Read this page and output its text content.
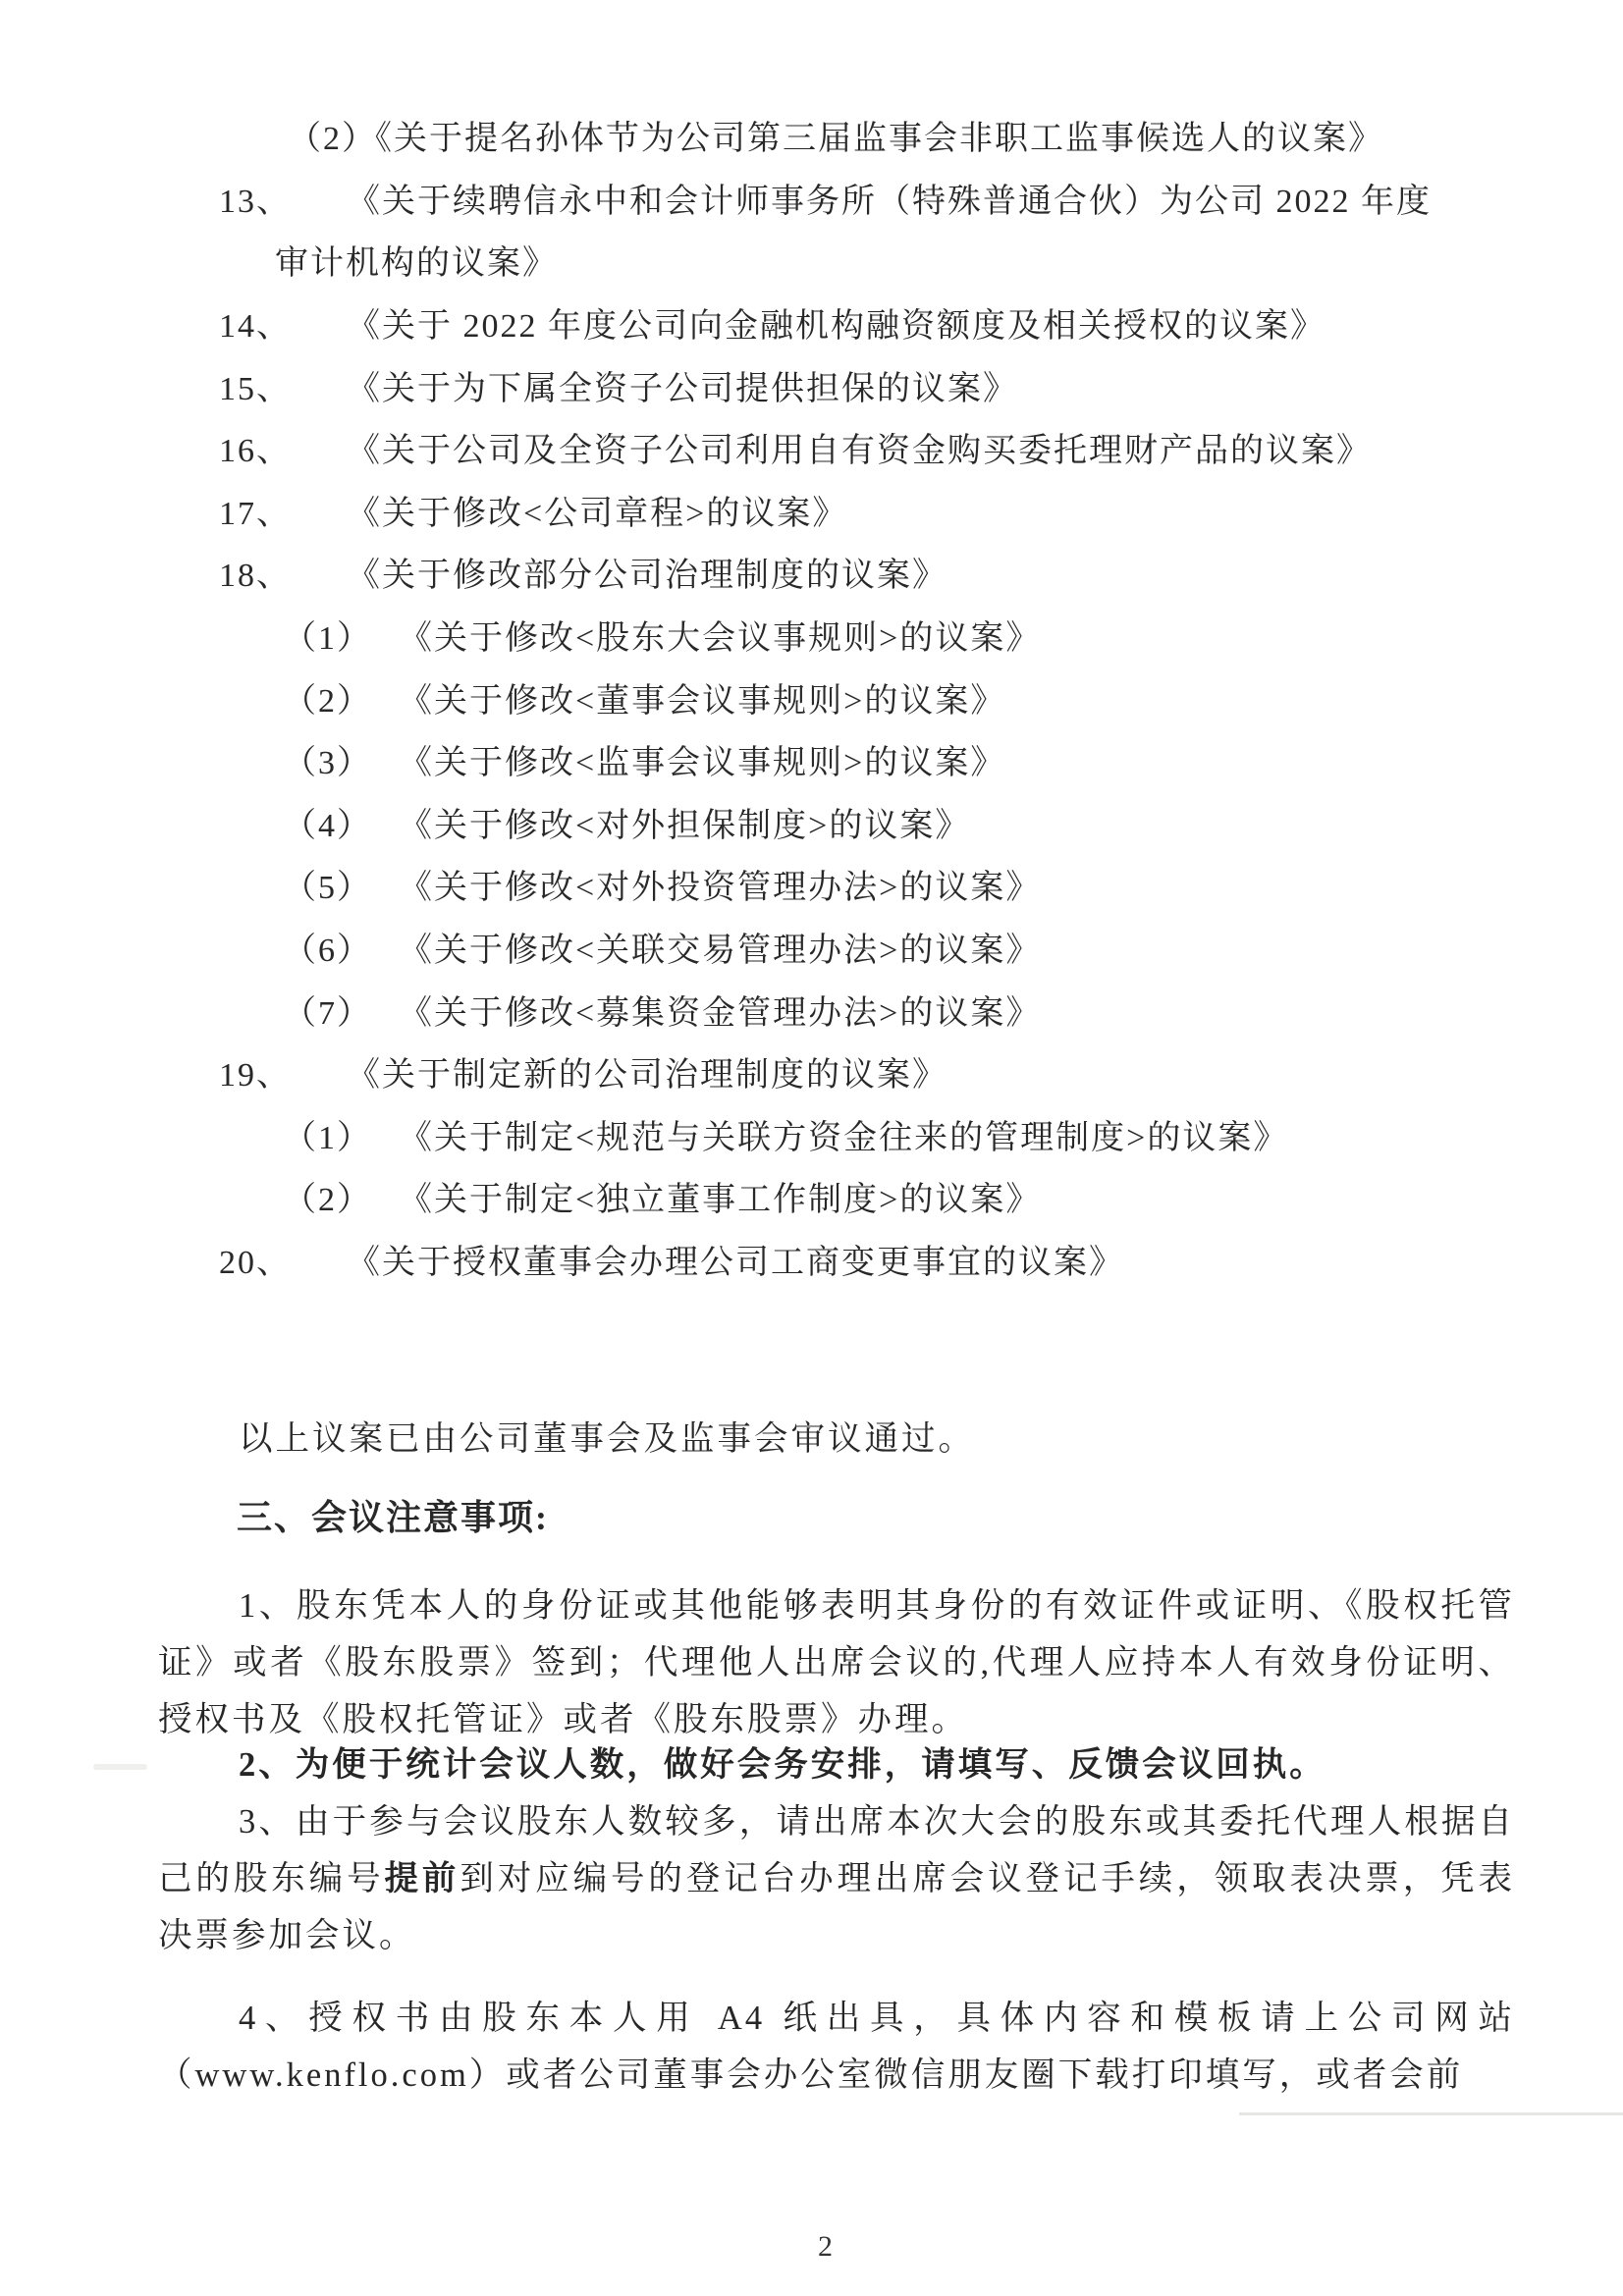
（2）
《关于提名孙体节为公司第三届监事会非职工监事候选人的议案》
13、	《关于续聘信永中和会计师事务所（特殊普通合伙）为公司 2022 年度
审计机构的议案》
14、	《关于 2022 年度公司向金融机构融资额度及相关授权的议案》
15、	《关于为下属全资子公司提供担保的议案》
16、	《关于公司及全资子公司利用自有资金购买委托理财产品的议案》
17、	《关于修改<公司章程>的议案》
18、	《关于修改部分公司治理制度的议案》
（1） 《关于修改<股东大会议事规则>的议案》
（2） 《关于修改<董事会议事规则>的议案》
（3） 《关于修改<监事会议事规则>的议案》
（4） 《关于修改<对外担保制度>的议案》
（5） 《关于修改<对外投资管理办法>的议案》
（6） 《关于修改<关联交易管理办法>的议案》
（7） 《关于修改<募集资金管理办法>的议案》
19、	《关于制定新的公司治理制度的议案》
（1） 《关于制定<规范与关联方资金往来的管理制度>的议案》
（2） 《关于制定<独立董事工作制度>的议案》
20、	《关于授权董事会办理公司工商变更事宜的议案》

以上议案已由公司董事会及监事会审议通过。

三、会议注意事项:

1、股东凭本人的身份证或其他能够表明其身份的有效证件或证明、《股权托管证》或者《股东股票》签到；代理他人出席会议的,代理人应持本人有效身份证明、授权书及《股权托管证》或者《股东股票》办理。

2、为便于统计会议人数，做好会务安排，请填写、反馈会议回执。

3、由于参与会议股东人数较多，请出席本次大会的股东或其委托代理人根据自己的股东编号提前到对应编号的登记台办理出席会议登记手续，领取表决票，凭表决票参加会议。

4、授权书由股东本人用 A4 纸出具，具体内容和模板请上公司网站（www.kenflo.com）或者公司董事会办公室微信朋友圈下载打印填写，或者会前

2
